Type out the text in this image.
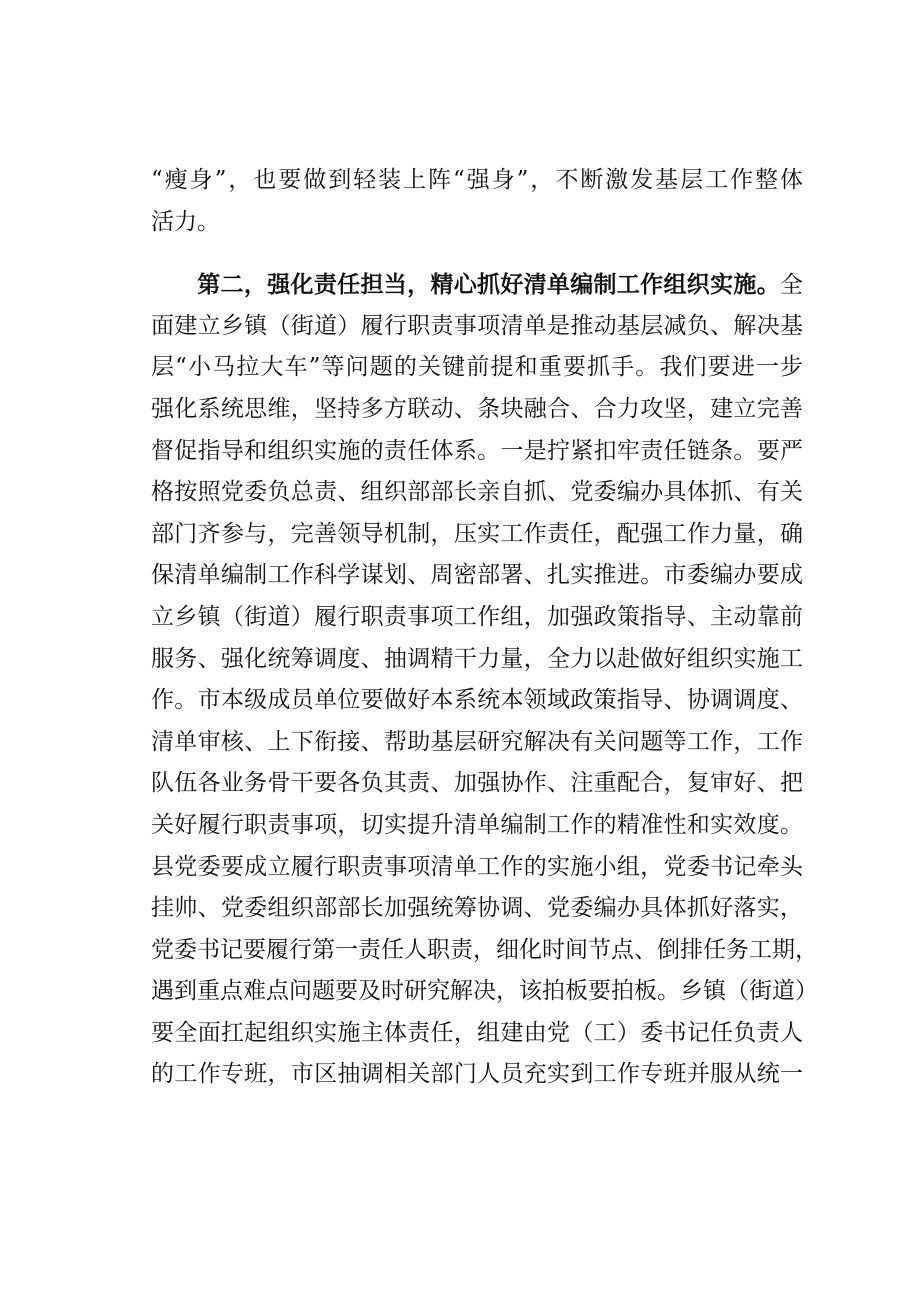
“瘦身”，也要做到轻装上阵“强身”，不断激发基层工作整体
活力。
第二，强化责任担当，精心抓好清单编制工作组织实施。全
面建立乡镇（街道）履行职责事项清单是推动基层减负、解决基
层“小马拉大车”等问题的关键前提和重要抓手。我们要进一步
强化系统思维，坚持多方联动、条块融合、合力攻坚，建立完善
督促指导和组织实施的责任体系。一是拧紧扣牢责任链条。要严
格按照党委负总责、组织部部长亲自抓、党委编办具体抓、有关
部门齐参与，完善领导机制，压实工作责任，配强工作力量，确
保清单编制工作科学谋划、周密部署、扎实推进。市委编办要成
立乡镇（街道）履行职责事项工作组，加强政策指导、主动靠前
服务、强化统筹调度、抽调精干力量，全力以赴做好组织实施工
作。市本级成员单位要做好本系统本领域政策指导、协调调度、
清单审核、上下衔接、帮助基层研究解决有关问题等工作，工作
队伍各业务骨干要各负其责、加强协作、注重配合，复审好、把
关好履行职责事项，切实提升清单编制工作的精准性和实效度。
县党委要成立履行职责事项清单工作的实施小组，党委书记牵头
挂帅、党委组织部部长加强统筹协调、党委编办具体抓好落实，
党委书记要履行第一责任人职责，细化时间节点、倒排任务工期，
遇到重点难点问题要及时研究解决，该拍板要拍板。乡镇（街道）
要全面扛起组织实施主体责任，组建由党（工）委书记任负责人
的工作专班，市区抽调相关部门人员充实到工作专班并服从统一
